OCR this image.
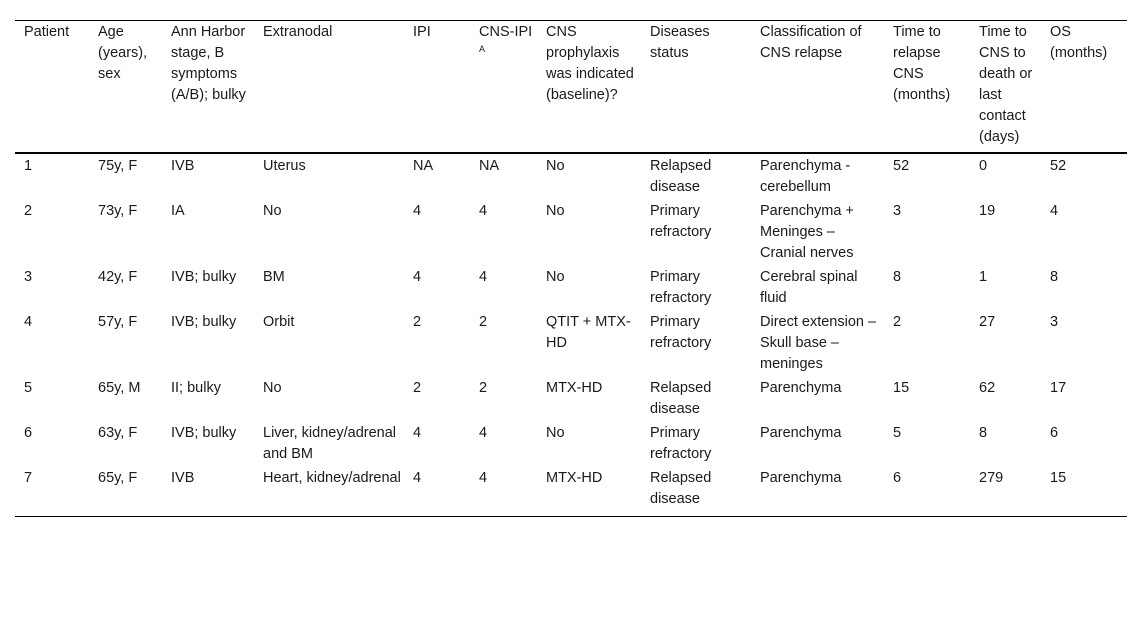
Patient	Age (years), sex	Ann Harbor stage, B symptoms (A/B); bulky	Extranodal	IPI	CNS-IPI $^A$	CNS prophylaxis was indicated (baseline)?	Diseases status	Classification of CNS relapse	Time to relapse CNS (months)	Time to CNS to death or last contact (days)	OS (months)
1	75y, F	IVB	Uterus	NA	NA	No	Relapsed disease	Parenchyma - cerebellum	52	0	52
2	73y, F	IA	No	4	4	No	Primary refractory	Parenchyma + Meninges – Cranial nerves	3	19	4
3	42y, F	IVB; bulky	BM	4	4	No	Primary refractory	Cerebral spinal fluid	8	1	8
4	57y, F	IVB; bulky	Orbit	2	2	QTIT + MTX-HD	Primary refractory	Direct extension – Skull base – meninges	2	27	3
5	65y, M	II; bulky	No	2	2	MTX-HD	Relapsed disease	Parenchyma	15	62	17
6	63y, F	IVB; bulky	Liver, kidney/adrenal and BM	4	4	No	Primary refractory	Parenchyma	5	8	6
7	65y, F	IVB	Heart, kidney/adrenal	4	4	MTX-HD	Relapsed disease	Parenchyma	6	279	15
